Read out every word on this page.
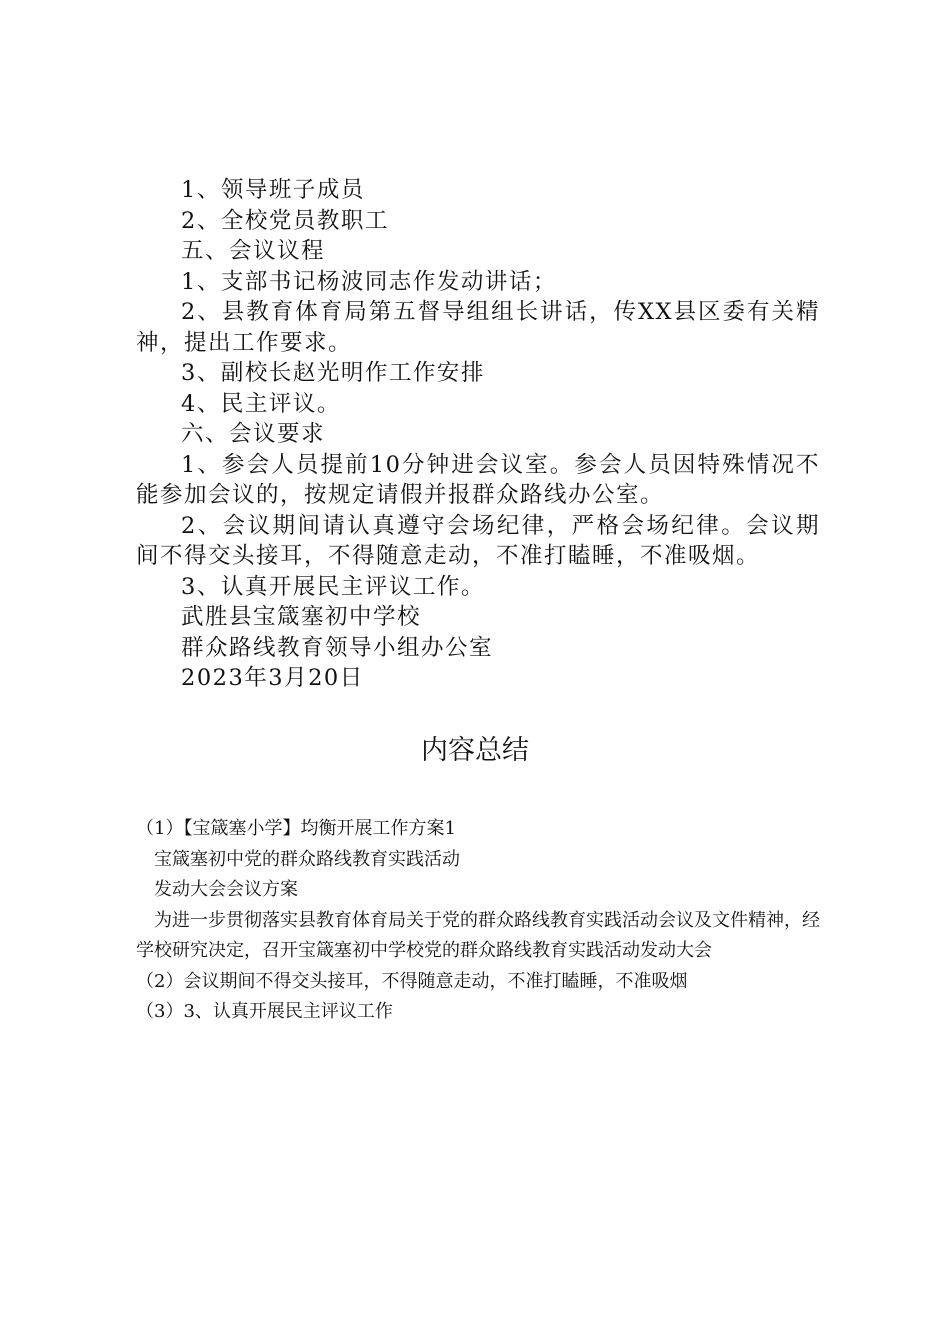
1、领导班子成员

2、全校党员教职工

五、会议议程

1、支部书记杨波同志作发动讲话；

2、县教育体育局第五督导组组长讲话，传XX县区委有关精神，提出工作要求。

3、副校长赵光明作工作安排

4、民主评议。

六、会议要求

1、参会人员提前10分钟进会议室。参会人员因特殊情况不能参加会议的，按规定请假并报群众路线办公室。

2、会议期间请认真遵守会场纪律，严格会场纪律。会议期间不得交头接耳，不得随意走动，不准打瞌睡，不准吸烟。

3、认真开展民主评议工作。

武胜县宝箴塞初中学校

群众路线教育领导小组办公室

2023年3月20日

内容总结

（1）【宝箴塞小学】均衡开展工作方案1

宝箴塞初中党的群众路线教育实践活动

发动大会会议方案

为进一步贯彻落实县教育体育局关于党的群众路线教育实践活动会议及文件精神，经学校研究决定，召开宝箴塞初中学校党的群众路线教育实践活动发动大会

（2）会议期间不得交头接耳，不得随意走动，不准打瞌睡，不准吸烟

（3）3、认真开展民主评议工作
